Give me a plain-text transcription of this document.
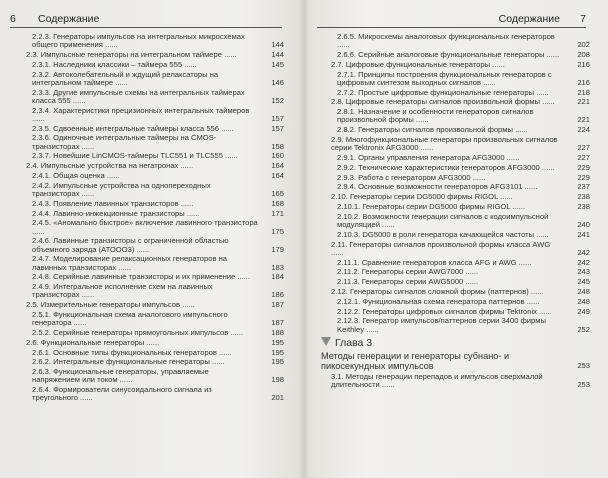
6 Содержание
2.2.3. Генераторы импульсов на интегральных микросхемах общего применения ......	144
2.3. Импульсные генераторы на интегральном таймере ......	144
2.3.1. Наследники классики – таймера 555 ......	145
2.3.2. Автоколебательный и ждущий релаксаторы на интегральном таймере ......	146
2.3.3. Другие импульсные схемы на интегральных таймерах класса 555 ......	152
2.3.4. Характеристики прецизионных интегральных таймеров ......	157
2.3.5. Сдвоенные интегральные таймеры класса 556 ......	157
2.3.6. Одиночные интегральные таймеры на CMOS-транзисторах ......	158
2.3.7. Новейшие LinCMOS-таймеры TLC551 и TLC555 ......	160
2.4. Импульсные устройства на негатронах ......	164
2.4.1. Общая оценка ......	164
2.4.2. Импульсные устройства на однопереходных транзисторах ......	165
2.4.3. Появление лавинных транзисторов ......	168
2.4.4. Лавинно-инжекционные транзисторы ......	171
2.4.5. «Аномально быстрое» включение лавинного транзистора ......	175
2.4.6. Лавинные транзисторы с ограниченной областью объемного заряда (АТООО3) ......	179
2.4.7. Моделирование релаксационных генераторов на лавинных транзисторах ......	183
2.4.8. Серийные лавинные транзисторы и их применение ......	184
2.4.9. Интегральное исполнение схем на лавинных транзисторах ......	186
2.5. Измерительные генераторы импульсов ......	187
2.5.1. Функциональная схема аналогового импульсного генератора ......	187
2.5.2. Серийные генераторы прямоугольных импульсов ......	188
2.6. Функциональные генераторы ......	195
2.6.1. Основные типы функциональных генераторов ......	195
2.6.2. Интегральные функциональные генераторы ......	195
2.6.3. Функциональные генераторы, управляемые напряжением или током ......	198
2.6.4. Формирователи синусоидального сигнала из треугольного ......	201
Содержание 7
2.6.5. Микросхемы аналоговых функциональных генераторов ......	202
2.6.6. Серийные аналоговые функциональные генераторы ......	208
2.7. Цифровые функциональные генераторы ......	216
2.7.1. Принципы построения функциональных генераторов с цифровым синтезом выходных сигналов ......	216
2.7.2. Простые цифровые функциональные генераторы ......	218
2.8. Цифровые генераторы сигналов произвольной формы ......	221
2.8.1. Назначение и особенности генераторов сигналов произвольной формы ......	221
2.8.2. Генераторы сигналов произвольной формы ......	224
2.9. Многофункциональные генераторы произвольных сигналов серии Tektronix AFG3000 ......	227
2.9.1. Органы управления генератора AFG3000 ......	227
2.9.2. Технические характеристики генераторов AFG3000 ......	229
2.9.3. Работа с генератором AFG3000 ......	229
2.9.4. Основные возможности генераторов AFG3101 ......	237
2.10. Генераторы серии DG5000 фирмы RIGOL ......	238
2.10.1. Генераторы серии DG5000 фирмы RIGOL ......	238
2.10.2. Возможности генерации сигналов с кодоимпульсной модуляцией ......	240
2.10.3. DG5000 в роли генератора качающейся частоты ......	241
2.11. Генераторы сигналов произвольной формы класса AWG ......	242
2.11.1. Сравнение генераторов класса AFG и AWG ......	242
2.11.2. Генераторы серии AWG7000 ......	243
2.11.3. Генераторы серии AWG5000 ......	245
2.12. Генераторы сигналов сложной формы (паттернов) ......	248
2.12.1. Функциональная схема генератора паттернов ......	248
2.12.2. Генераторы цифровых сигналов фирмы Tektronix ......	249
2.12.3. Генератор импульсов/паттернов серии 3400 фирмы Keithley ......	252
Глава 3
Методы генерации и генераторы субнано- и пикосекундных импульсов	253
3.1. Методы генерации перепадов и импульсов сверхмалой длительности ......	253
